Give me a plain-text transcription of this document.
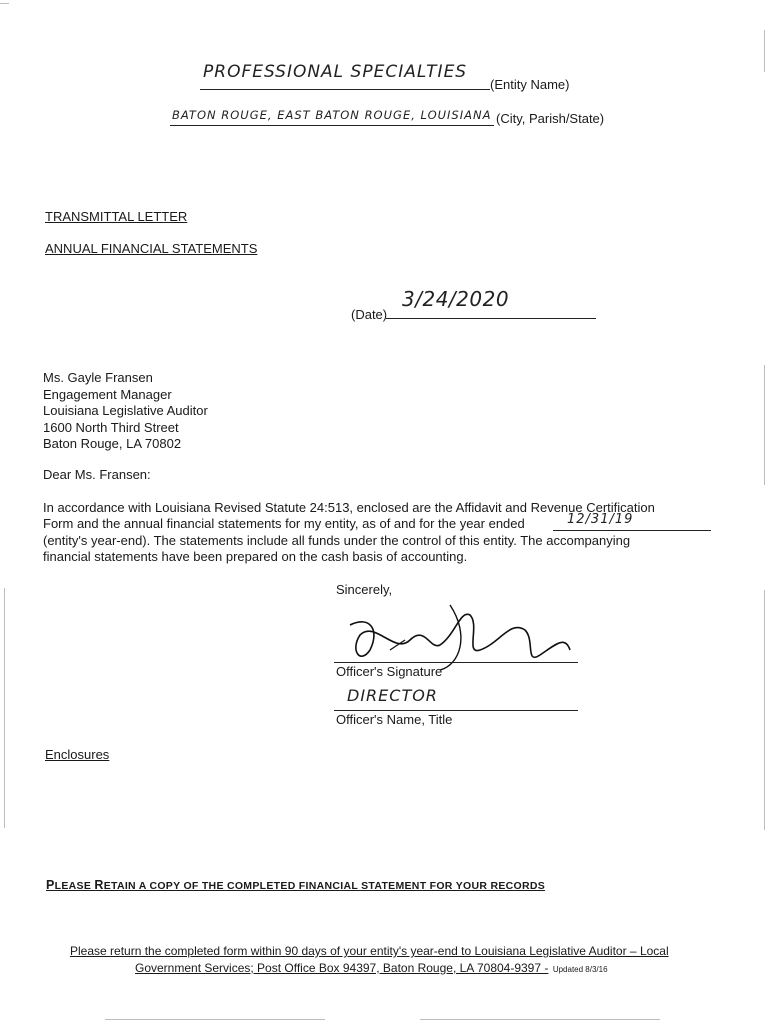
PROFESSIONAL SPECIALTIES
(Entity Name)
BATON ROUGE, EAST BATON ROUGE, LOUISIANA (City, Parish/State)
TRANSMITTAL LETTER
ANNUAL FINANCIAL STATEMENTS
(Date)
3/24/2020
Ms. Gayle Fransen
Engagement Manager
Louisiana Legislative Auditor
1600 North Third Street
Baton Rouge, LA 70802
Dear Ms. Fransen:
In accordance with Louisiana Revised Statute 24:513, enclosed are the Affidavit and Revenue Certification
Form and the annual financial statements for my entity, as of and for the year ended	12/31/19
(entity's year-end). The statements include all funds under the control of this entity. The accompanying
financial statements have been prepared on the cash basis of accounting.
Sincerely,
Officer's Signature
DIRECTOR
Officer's Name, Title
Enclosures
PLEASE RETAIN A COPY OF THE COMPLETED FINANCIAL STATEMENT FOR YOUR RECORDS
Please return the completed form within 90 days of your entity's year-end to Louisiana Legislative Auditor – Local
Government Services; Post Office Box 94397, Baton Rouge, LA 70804-9397 - Updated 8/3/16
